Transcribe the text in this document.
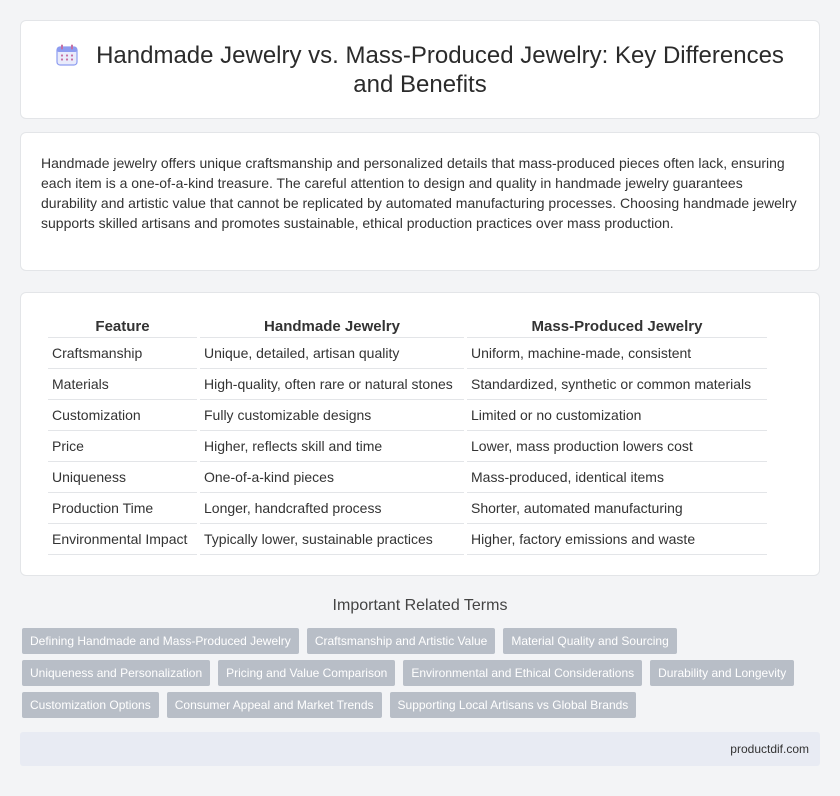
Handmade Jewelry vs. Mass-Produced Jewelry: Key Differences and Benefits

Handmade jewelry offers unique craftsmanship and personalized details that mass-produced pieces often lack, ensuring each item is a one-of-a-kind treasure. The careful attention to design and quality in handmade jewelry guarantees durability and artistic value that cannot be replicated by automated manufacturing processes. Choosing handmade jewelry supports skilled artisans and promotes sustainable, ethical production practices over mass production.

Feature	Handmade Jewelry	Mass-Produced Jewelry
Craftsmanship	Unique, detailed, artisan quality	Uniform, machine-made, consistent
Materials	High-quality, often rare or natural stones	Standardized, synthetic or common materials
Customization	Fully customizable designs	Limited or no customization
Price	Higher, reflects skill and time	Lower, mass production lowers cost
Uniqueness	One-of-a-kind pieces	Mass-produced, identical items
Production Time	Longer, handcrafted process	Shorter, automated manufacturing
Environmental Impact	Typically lower, sustainable practices	Higher, factory emissions and waste
Important Related Terms
Defining Handmade and Mass-Produced Jewelry	Craftsmanship and Artistic Value	Material Quality and Sourcing
Uniqueness and Personalization	Pricing and Value Comparison	Environmental and Ethical Considerations	Durability and Longevity
Customization Options	Consumer Appeal and Market Trends	Supporting Local Artisans vs Global Brands
productdif.com
